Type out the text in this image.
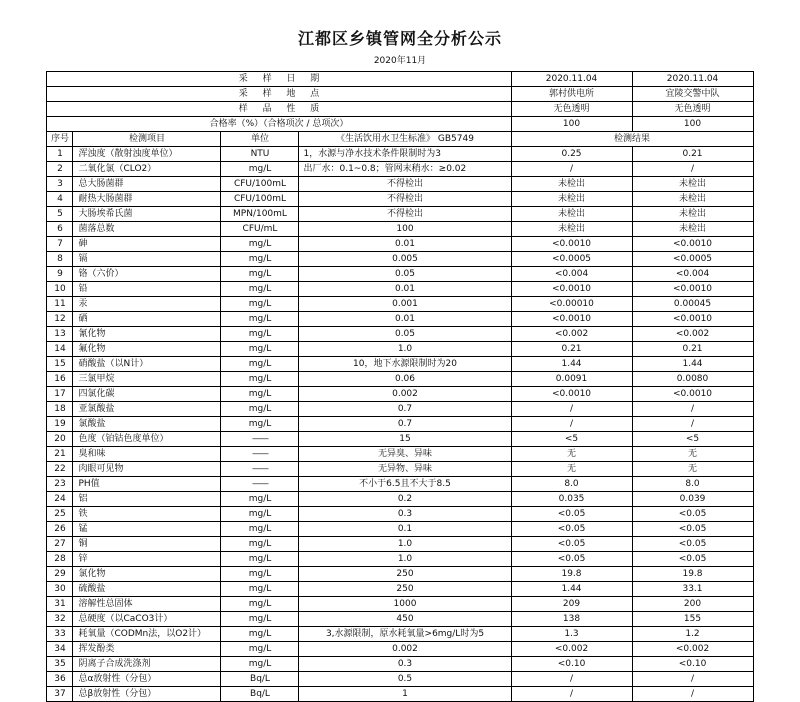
江都区乡镇管网全分析公示
2020年11月
采 样 日 期				2020.11.04	2020.11.04
采 样 地 点				郭村供电所	宜陵交警中队
样 品 性 质				无色透明	无色透明
合格率（%）（合格项次 / 总项次）				100	100
序号	检测项目	单位	《生活饮用水卫生标准》 GB5749	检测结果	
1	浑浊度（散射浊度单位）	NTU	1，水源与净水技术条件限制时为3	0.25	0.21
2	二氧化氯（CLO2）	mg/L	出厂水：0.1~0.8；管网末稍水：≥0.02	/	/
3	总大肠菌群	CFU/100mL	不得检出	未检出	未检出
4	耐热大肠菌群	CFU/100mL	不得检出	未检出	未检出
5	大肠埃希氏菌	MPN/100mL	不得检出	未检出	未检出
6	菌落总数	CFU/mL	100	未检出	未检出
7	砷	mg/L	0.01	<0.0010	<0.0010
8	镉	mg/L	0.005	<0.0005	<0.0005
9	铬（六价）	mg/L	0.05	<0.004	<0.004
10	铅	mg/L	0.01	<0.0010	<0.0010
11	汞	mg/L	0.001	<0.00010	0.00045
12	硒	mg/L	0.01	<0.0010	<0.0010
13	氰化物	mg/L	0.05	<0.002	<0.002
14	氟化物	mg/L	1.0	0.21	0.21
15	硝酸盐（以N计）	mg/L	10，地下水源限制时为20	1.44	1.44
16	三氯甲烷	mg/L	0.06	0.0091	0.0080
17	四氯化碳	mg/L	0.002	<0.0010	<0.0010
18	亚氯酸盐	mg/L	0.7	/	/
19	氯酸盐	mg/L	0.7	/	/
20	色度（铂钴色度单位）	——	15	<5	<5
21	臭和味	——	无异臭、异味	无	无
22	肉眼可见物	——	无异物、异味	无	无
23	PH值	——	不小于6.5且不大于8.5	8.0	8.0
24	铝	mg/L	0.2	0.035	0.039
25	铁	mg/L	0.3	<0.05	<0.05
26	锰	mg/L	0.1	<0.05	<0.05
27	铜	mg/L	1.0	<0.05	<0.05
28	锌	mg/L	1.0	<0.05	<0.05
29	氯化物	mg/L	250	19.8	19.8
30	硫酸盐	mg/L	250	1.44	33.1
31	溶解性总固体	mg/L	1000	209	200
32	总硬度（以CaCO3计）	mg/L	450	138	155
33	耗氧量（CODMn法，以O2计）	mg/L	3,水源限制，原水耗氧量>6mg/L时为5	1.3	1.2
34	挥发酚类	mg/L	0.002	<0.002	<0.002
35	阴离子合成洗涤剂	mg/L	0.3	<0.10	<0.10
36	总α放射性（分包）	Bq/L	0.5	/	/
37	总β放射性（分包）	Bq/L	1	/	/
